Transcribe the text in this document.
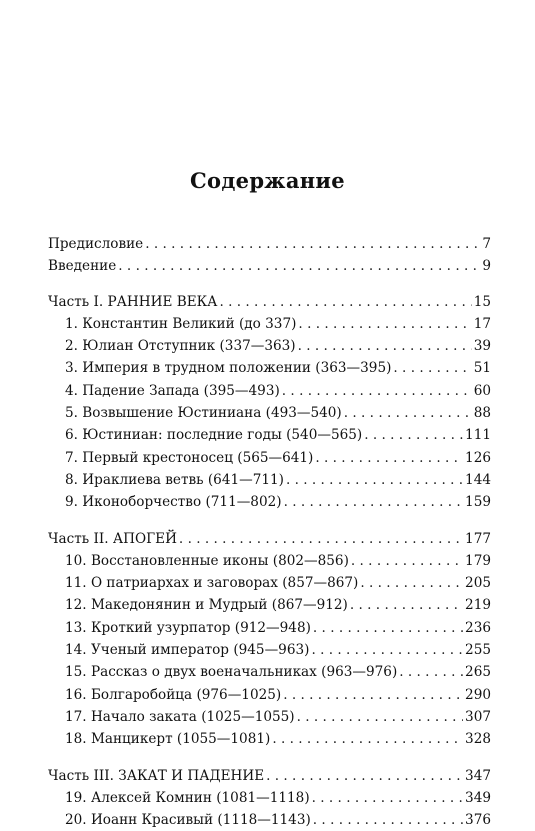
Содержание
Предисловие . . .	7
Введение . . .	9
Часть I. РАННИЕ ВЕКА . . .	15
1. Константин Великий (до 337) . . .	17
2. Юлиан Отступник (337—363) . . .	39
3. Империя в трудном положении (363—395) . . .	51
4. Падение Запада (395—493) . . .	60
5. Возвышение Юстиниана (493—540) . . .	88
6. Юстиниан: последние годы (540—565) . . .	111
7. Первый крестоносец (565—641) . . .	126
8. Ираклиева ветвь (641—711) . . .	144
9. Иконоборчество (711—802) . . .	159
Часть II. АПОГЕЙ . . .	177
10. Восстановленные иконы (802—856) . . .	179
11. О патриархах и заговорах (857—867) . . .	205
12. Македонянин и Мудрый (867—912) . . .	219
13. Кроткий узурпатор (912—948) . . .	236
14. Ученый император (945—963) . . .	255
15. Рассказ о двух военачальниках (963—976) . . .	265
16. Болгаробойца (976—1025) . . .	290
17. Начало заката (1025—1055) . . .	307
18. Манцикерт (1055—1081) . . .	328
Часть III. ЗАКАТ И ПАДЕНИЕ . . .	347
19. Алексей Комнин (1081—1118) . . .	349
20. Иоанн Красивый (1118—1143) . . .	376
